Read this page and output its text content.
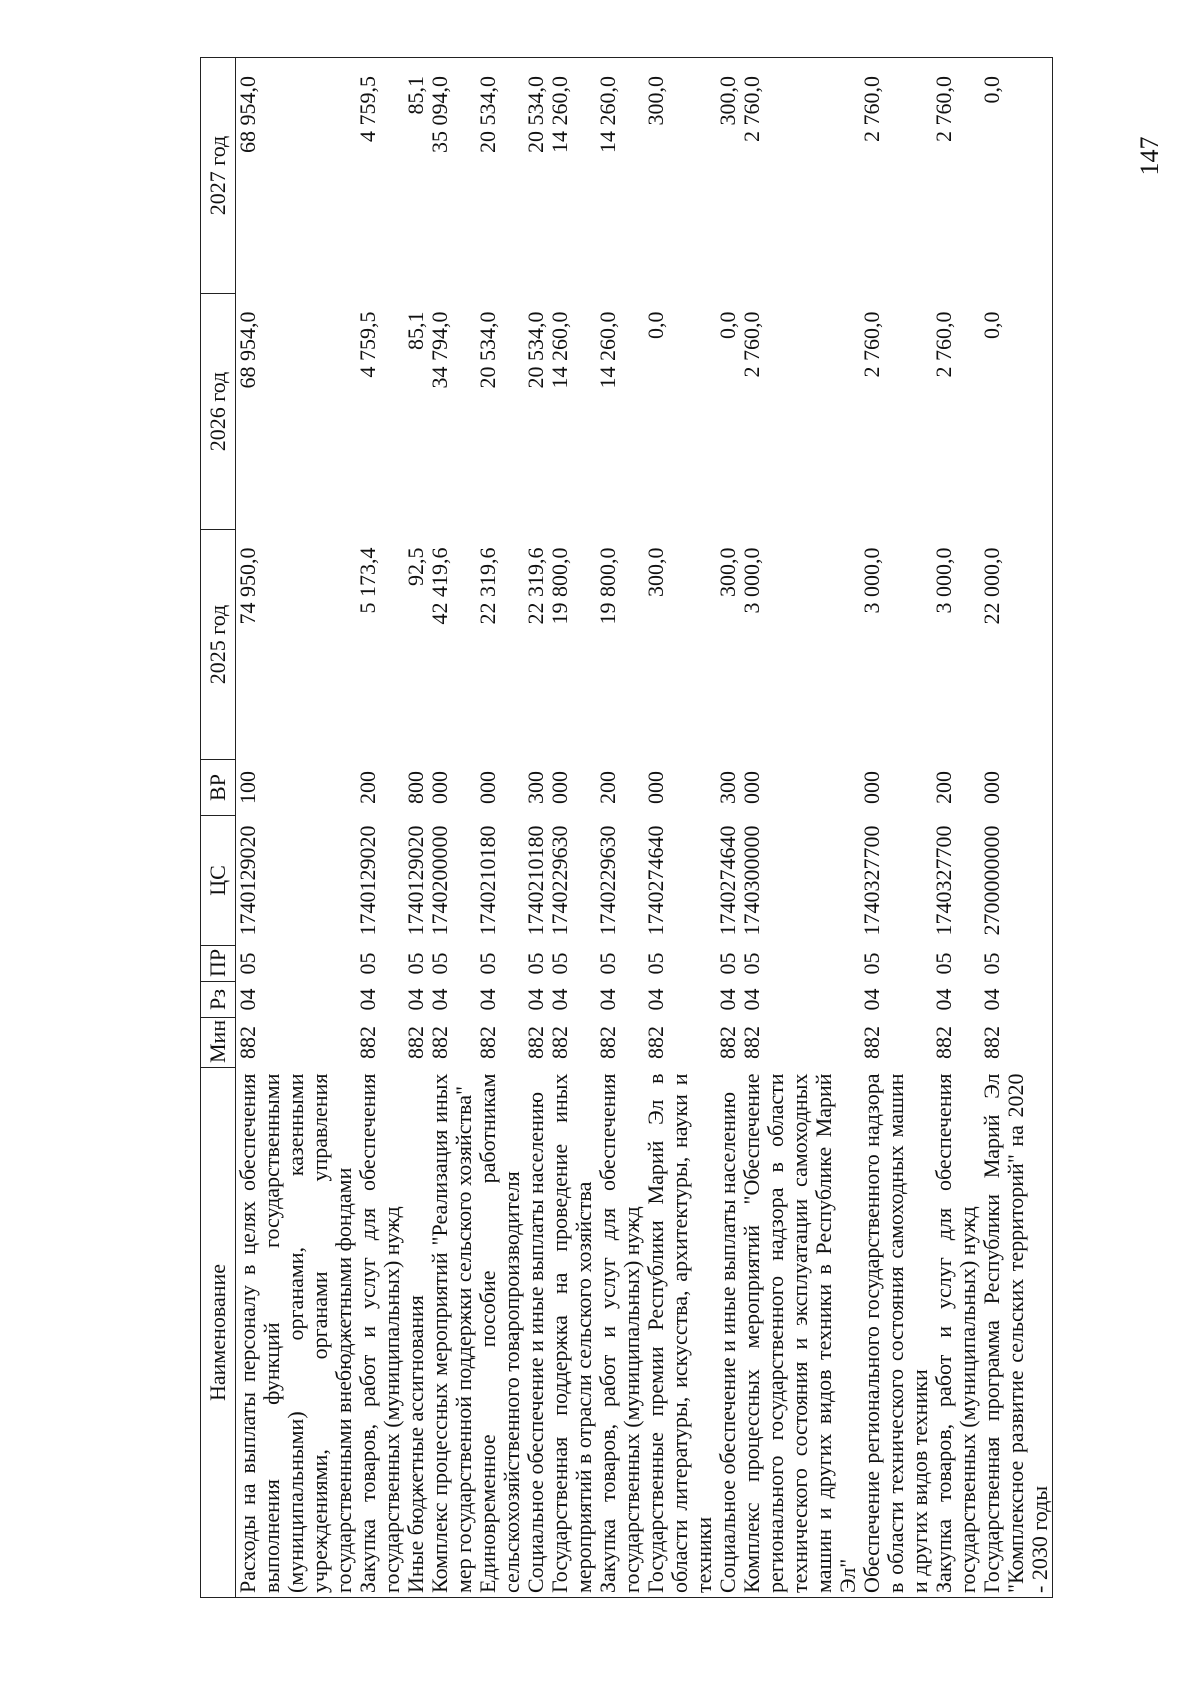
147
Наименование	Мин	Рз	ПР	ЦС	ВР	2025 год	2026 год	2027 год
Расходы на выплаты персоналу в целях обеспечения выполнения функций государственными (муниципальными) органами, казенными учреждениями, органами управления государственными внебюджетными фондами	882	04	05	1740129020	100	74 950,0	68 954,0	68 954,0
Закупка товаров, работ и услуг для обеспечения государственных (муниципальных) нужд	882	04	05	1740129020	200	5 173,4	4 759,5	4 759,5
Иные бюджетные ассигнования	882	04	05	1740129020	800	92,5	85,1	85,1
Комплекс процессных мероприятий "Реализация иных мер государственной поддержки сельского хозяйства"	882	04	05	1740200000	000	42 419,6	34 794,0	35 094,0
Единовременное пособие работникам сельскохозяйственного товаропроизводителя	882	04	05	1740210180	000	22 319,6	20 534,0	20 534,0
Социальное обеспечение и иные выплаты населению	882	04	05	1740210180	300	22 319,6	20 534,0	20 534,0
Государственная поддержка на проведение иных мероприятий в отрасли сельского хозяйства	882	04	05	1740229630	000	19 800,0	14 260,0	14 260,0
Закупка товаров, работ и услуг для обеспечения государственных (муниципальных) нужд	882	04	05	1740229630	200	19 800,0	14 260,0	14 260,0
Государственные премии Республики Марий Эл в области литературы, искусства, архитектуры, науки и техники	882	04	05	1740274640	000	300,0	0,0	300,0
Социальное обеспечение и иные выплаты населению	882	04	05	1740274640	300	300,0	0,0	300,0
Комплекс процессных мероприятий "Обеспечение регионального государственного надзора в области технического состояния и эксплуатации самоходных машин и других видов техники в Республике Марий Эл"	882	04	05	1740300000	000	3 000,0	2 760,0	2 760,0
Обеспечение регионального государственного надзора в области технического состояния самоходных машин и других видов техники	882	04	05	1740327700	000	3 000,0	2 760,0	2 760,0
Закупка товаров, работ и услуг для обеспечения государственных (муниципальных) нужд	882	04	05	1740327700	200	3 000,0	2 760,0	2 760,0
Государственная программа Республики Марий Эл "Комплексное развитие сельских территорий" на 2020 - 2030 годы	882	04	05	2700000000	000	22 000,0	0,0	0,0
